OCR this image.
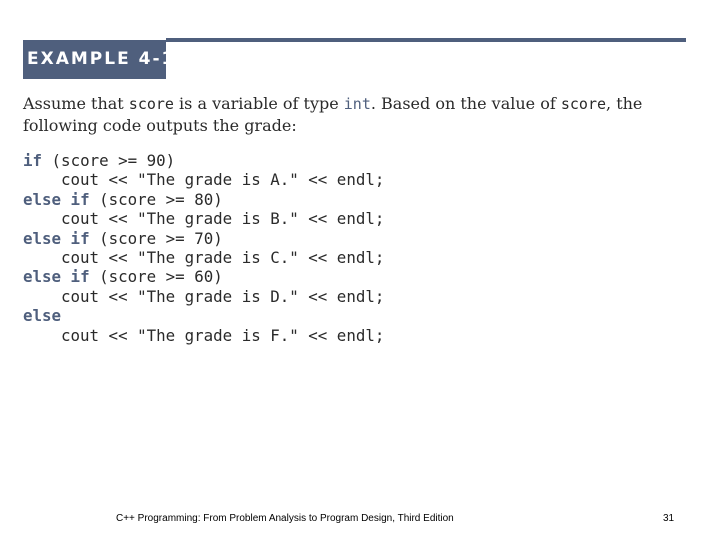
EXAMPLE 4-19
Assume that score is a variable of type int. Based on the value of score, the following code outputs the grade:
if (score >= 90)
cout << "The grade is A." << endl;
else if (score >= 80)
cout << "The grade is B." << endl;
else if (score >= 70)
cout << "The grade is C." << endl;
else if (score >= 60)
cout << "The grade is D." << endl;
else
cout << "The grade is F." << endl;
C++ Programming: From Problem Analysis to Program Design, Third Edition	31
